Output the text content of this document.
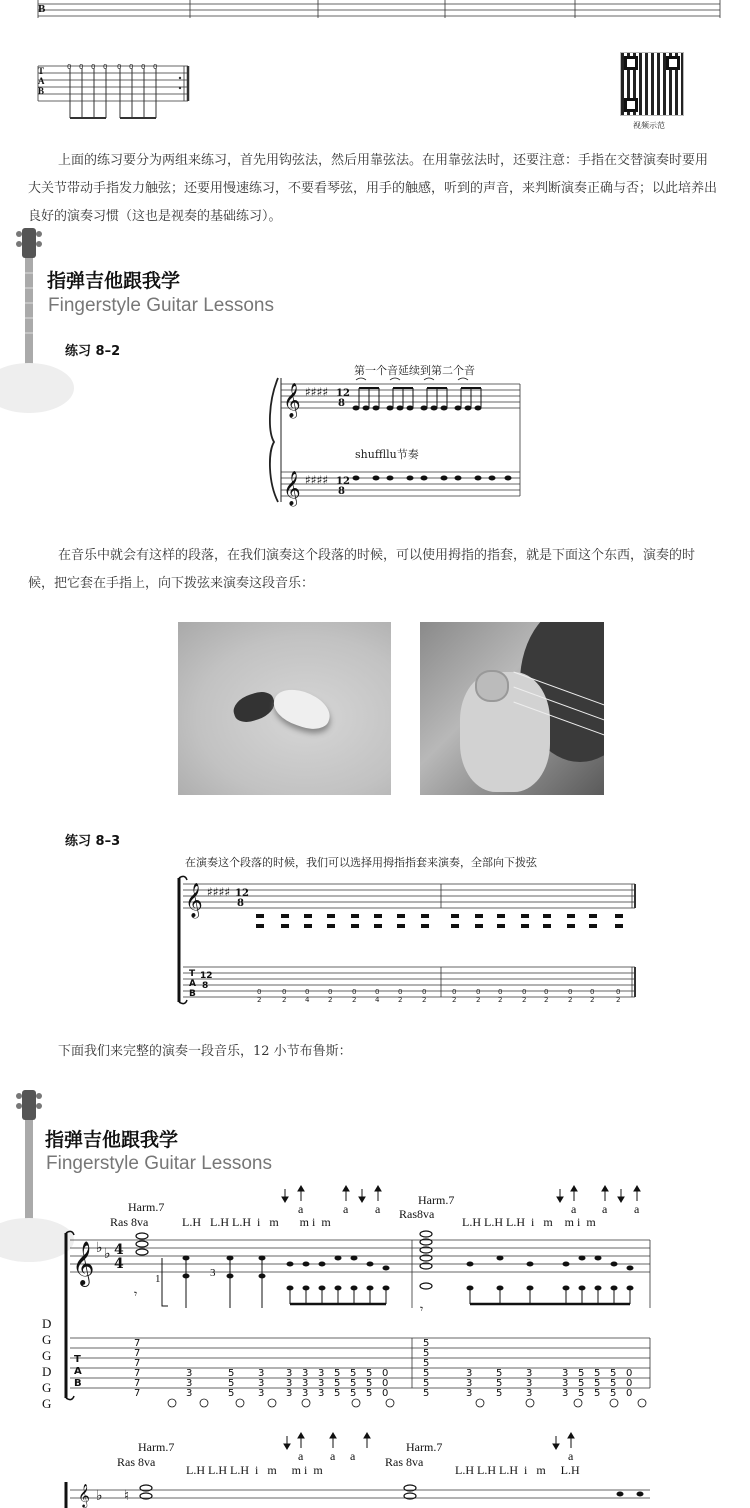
B
0 0 0 0 0 0 0 0
T
A
B
视频示范
上面的练习要分为两组来练习，首先用钩弦法，然后用靠弦法。在用靠弦法时，还要注意：手指在交替演奏时要用大关节带动手指发力触弦；还要用慢速练习，不要看琴弦，用手的触感，听到的声音，来判断演奏正确与否；以此培养出良好的演奏习惯（这也是视奏的基础练习）。
指弹吉他跟我学
Fingerstyle Guitar Lessons
练习 8–2
第一个音延续到第二个音
shuffllu节奏
𝄞
𝄞
♯♯♯♯
♯♯♯♯
12
8
12
8
在音乐中就会有这样的段落，在我们演奏这个段落的时候，可以使用拇指的指套，就是下面这个东西，演奏的时候，把它套在手指上，向下拨弦来演奏这段音乐：
练习 8–3
在演奏这个段落的时候，我们可以选择用拇指指套来演奏，全部向下拨弦
𝄞 ♯♯♯♯ 12
8
T
A
B
12
8
0
2
0
2
0
4
0
2
0
2
0
4
0
2
0
2
0
2
0
2
0
2
0
2
0
2
0
2
0
2
0
2
下面我们来完整的演奏一段音乐，12 小节布鲁斯：
指弹吉他跟我学
Fingerstyle Guitar Lessons
Harm.7
Ras 8va	L.H   L.H L.H  i   m       m i  m
Harm.7
Ras8va
L.H L.H L.H  i   m    m i  m
a	a a	a a a
𝄞 ♭ ♭ 4
4
𝄾
𝄾
1	3
7
7
7
7
7
7
3
3
3
5
5
5
3
3
3
3
3
3
3
3
3
3
3
3
5
5
5
5
5
5
5
5
5
0
0
0
5
5
5
5
5
5
3
3
3
5
5
5
3
3
3
3
3
3
5
5
5
5
5
5
5
5
5
0
0
0
T
A
B
D
G
G
D
G
G
a a a	a
Harm.7
Ras 8va
L.H L.H L.H  i   m     m i  m
Harm.7
Ras 8va
L.H L.H L.H  i   m     L.H
𝄞 ♭ ♮
